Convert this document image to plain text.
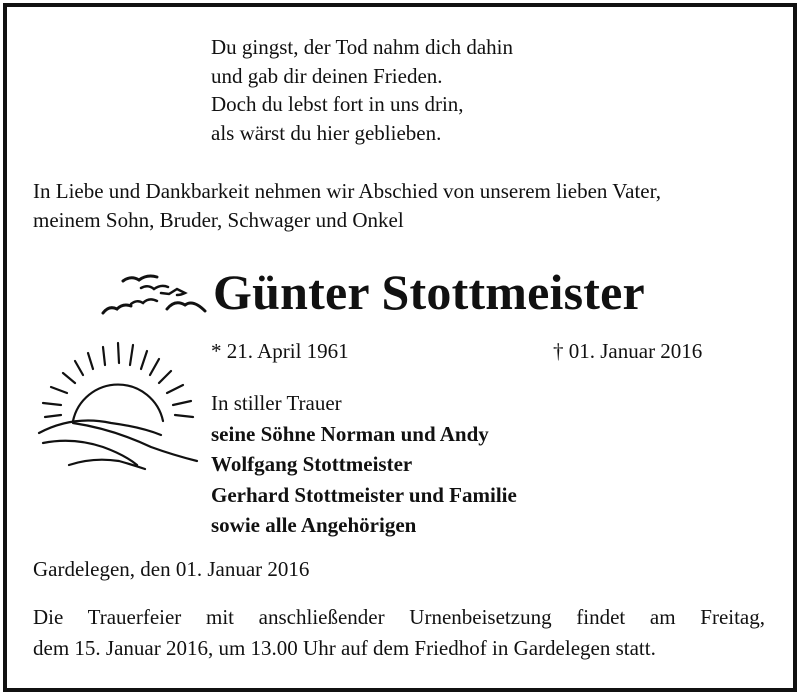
Du gingst, der Tod nahm dich dahin
und gab dir deinen Frieden.
Doch du lebst fort in uns drin,
als wärst du hier geblieben.
In Liebe und Dankbarkeit nehmen wir Abschied von unserem lieben Vater,
meinem Sohn, Bruder, Schwager und Onkel
Günter Stottmeister
* 21. April 1961	† 01. Januar 2016
In stiller Trauer
seine Söhne Norman und Andy
Wolfgang Stottmeister
Gerhard Stottmeister und Familie
sowie alle Angehörigen
Gardelegen, den 01. Januar 2016
Die Trauerfeier mit anschließender Urnenbeisetzung findet am Freitag,
dem 15. Januar 2016, um 13.00 Uhr auf dem Friedhof in Gardelegen statt.
